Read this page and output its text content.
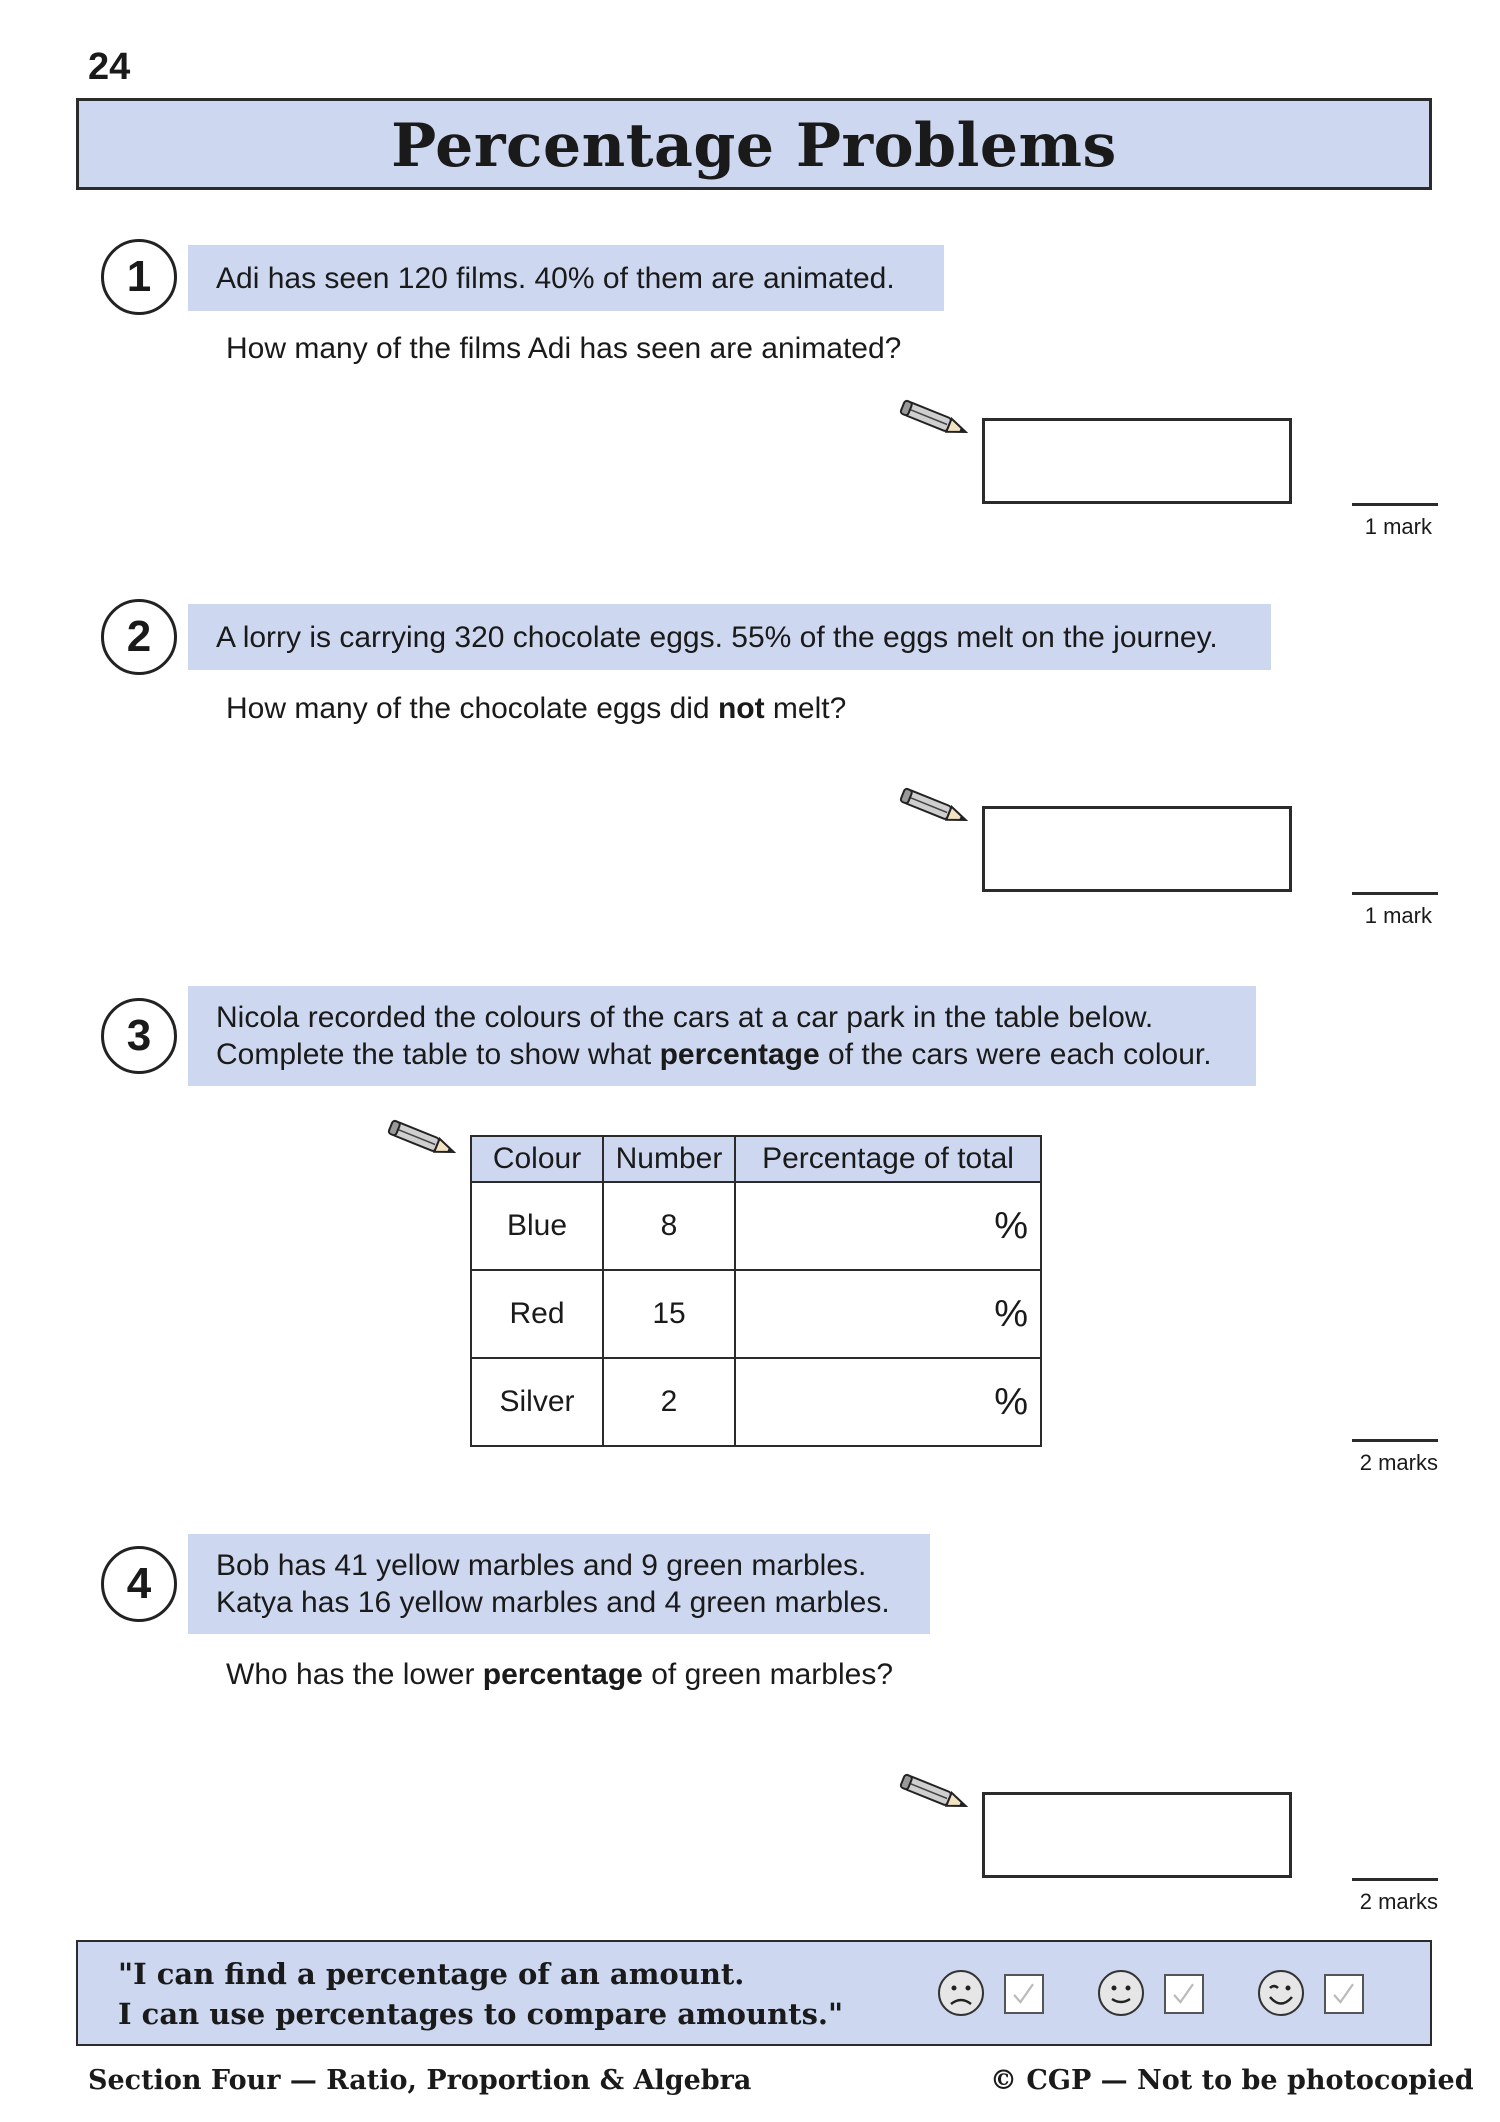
24
Percentage Problems
1	Adi has seen 120 films. 40% of them are animated.
How many of the films Adi has seen are animated?
1 mark
2	A lorry is carrying 320 chocolate eggs. 55% of the eggs melt on the journey.
How many of the chocolate eggs did not melt?
1 mark
3	Nicola recorded the colours of the cars at a car park in the table below.
Complete the table to show what percentage of the cars were each colour.
Colour	Number	Percentage of total
Blue	8	%
Red	15	%
Silver	2	%
2 marks
4	Bob has 41 yellow marbles and 9 green marbles.
Katya has 16 yellow marbles and 4 green marbles.
Who has the lower percentage of green marbles?
2 marks
"I can find a percentage of an amount.
I can use percentages to compare amounts."
Section Four — Ratio, Proportion & Algebra	© CGP — Not to be photocopied
